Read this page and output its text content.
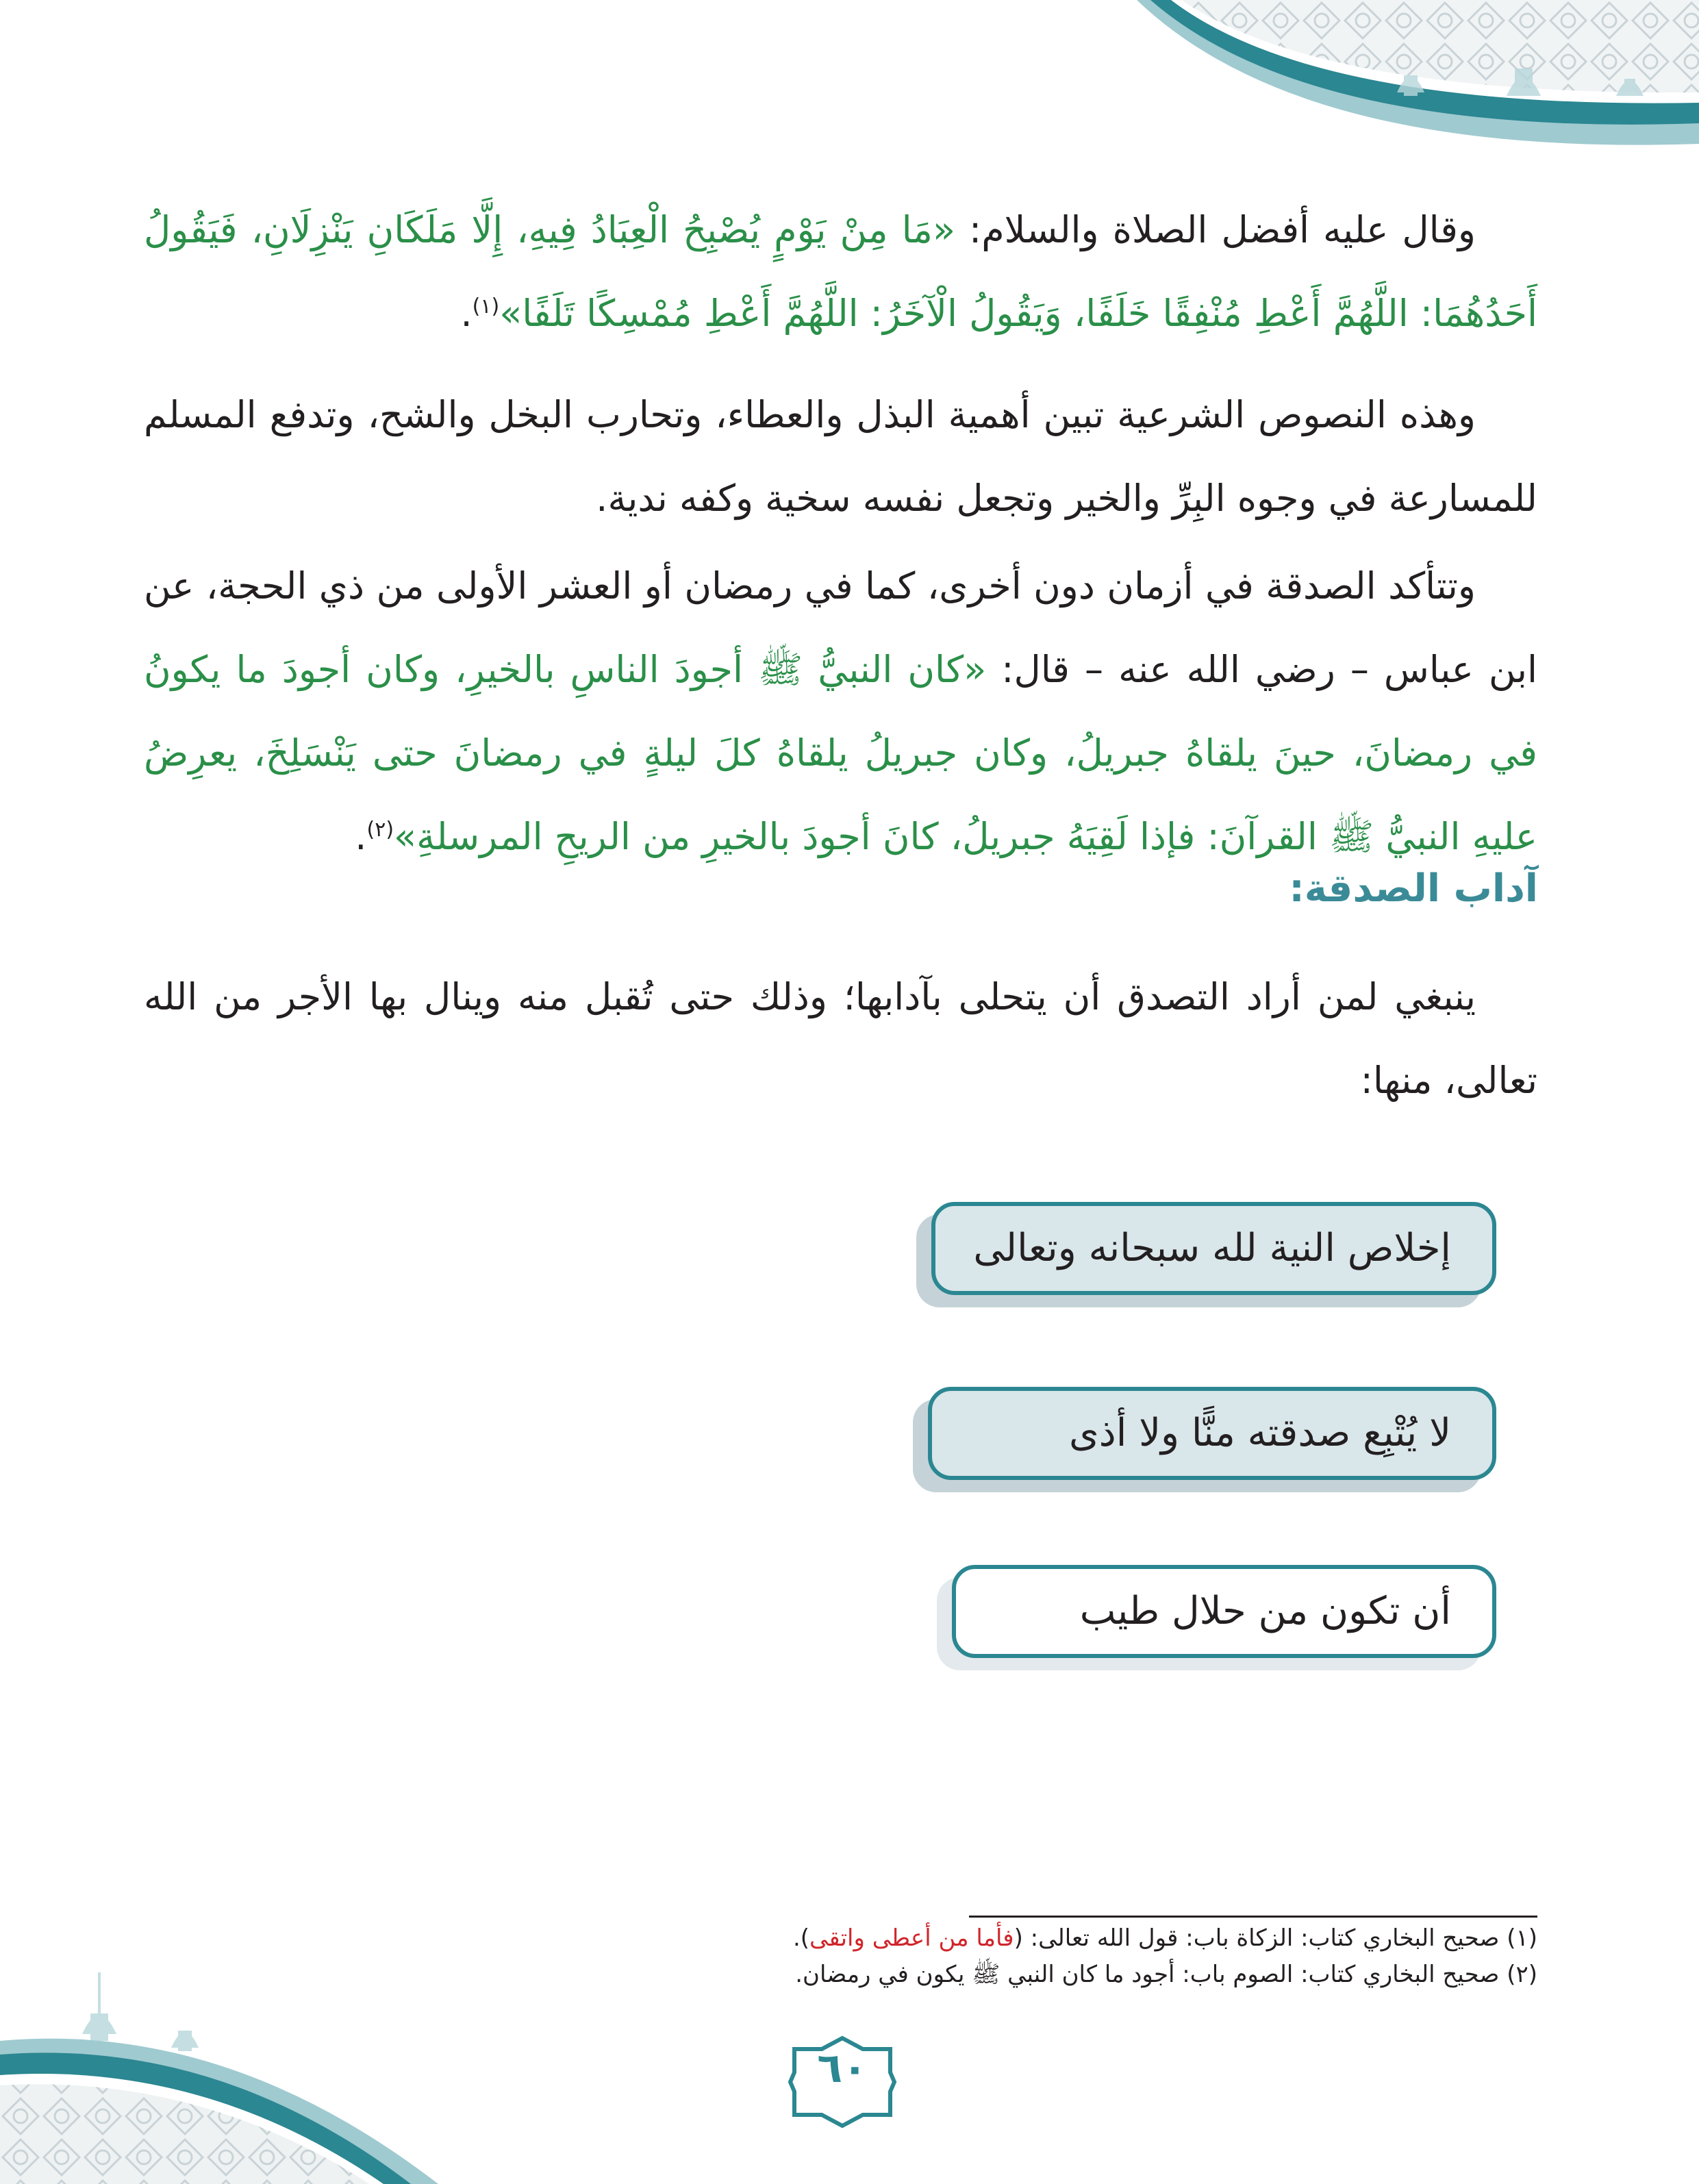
وقال عليه أفضل الصلاة والسلام: «مَا مِنْ يَوْمٍ يُصْبِحُ الْعِبَادُ فِيهِ، إِلَّا مَلَكَانِ يَنْزِلَانِ، فَيَقُولُ أَحَدُهُمَا: اللَّهُمَّ أَعْطِ مُنْفِقًا خَلَفًا، وَيَقُولُ الْآخَرُ: اللَّهُمَّ أَعْطِ مُمْسِكًا تَلَفًا»$^{(١)}$.

وهذه النصوص الشرعية تبين أهمية البذل والعطاء، وتحارب البخل والشح، وتدفع المسلم للمسارعة في وجوه البِرِّ والخير وتجعل نفسه سخية وكفه ندية.

وتتأكد الصدقة في أزمان دون أخرى، كما في رمضان أو العشر الأولى من ذي الحجة، عن ابن عباس – رضي الله عنه – قال: «كان النبيُّ ﷺ أجودَ الناسِ بالخيرِ، وكان أجودَ ما يكونُ في رمضانَ، حينَ يلقاهُ جبريلُ، وكان جبريلُ يلقاهُ كلَ ليلةٍ في رمضانَ حتى يَنْسَلِخَ، يعرِضُ عليهِ النبيُّ ﷺ القرآنَ: فإذا لَقِيَهُ جبريلُ، كانَ أجودَ بالخيرِ من الريحِ المرسلةِ»$^{(٢)}$.

آداب الصدقة:

ينبغي لمن أراد التصدق أن يتحلى بآدابها؛ وذلك حتى تُقبل منه وينال بها الأجر من الله تعالى، منها:

إخلاص النية لله سبحانه وتعالى
لا يُتْبِع صدقته منًّا ولا أذى
أن تكون من حلال طيب
(١) صحيح البخاري كتاب: الزكاة باب: قول الله تعالى: (فأما من أعطى واتقى).
(٢) صحيح البخاري كتاب: الصوم باب: أجود ما كان النبي ﷺ يكون في رمضان.
٦٠
